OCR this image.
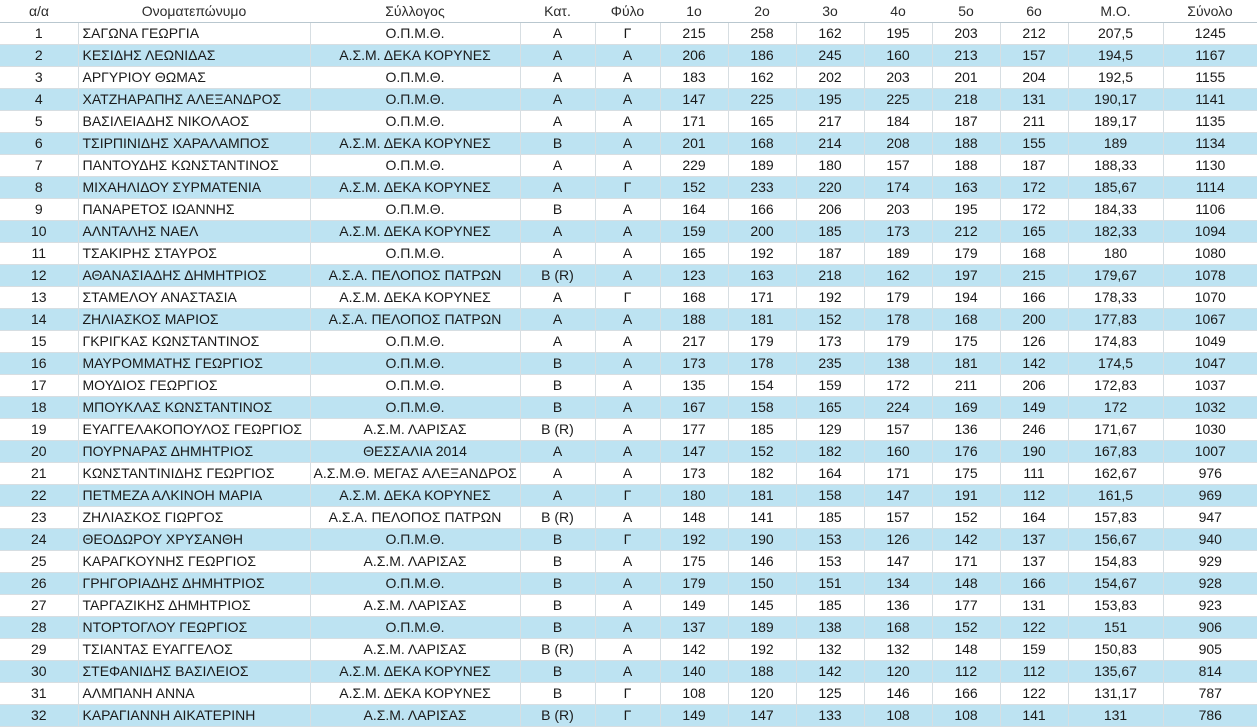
α/α	Ονοματεπώνυμο	Σύλλογος	Κατ.	Φύλο	1ο	2ο	3ο	4ο	5ο	6ο	Μ.Ο.	Σύνολο
1	ΣΑΓΩΝΑ ΓΕΩΡΓΙΑ	Ο.Π.Μ.Θ.	Α	Γ	215	258	162	195	203	212	207,5	1245
2	ΚΕΣΙΔΗΣ ΛΕΩΝΙΔΑΣ	Α.Σ.Μ. ΔΕΚΑ ΚΟΡΥΝΕΣ	Α	Α	206	186	245	160	213	157	194,5	1167
3	ΑΡΓΥΡΙΟΥ ΘΩΜΑΣ	Ο.Π.Μ.Θ.	Α	Α	183	162	202	203	201	204	192,5	1155
4	ΧΑΤΖΗΑΡΑΠΗΣ ΑΛΕΞΑΝΔΡΟΣ	Ο.Π.Μ.Θ.	Α	Α	147	225	195	225	218	131	190,17	1141
5	ΒΑΣΙΛΕΙΑΔΗΣ ΝΙΚΟΛΑΟΣ	Ο.Π.Μ.Θ.	Α	Α	171	165	217	184	187	211	189,17	1135
6	ΤΣΙΡΠΙΝΙΔΗΣ ΧΑΡΑΛΑΜΠΟΣ	Α.Σ.Μ. ΔΕΚΑ ΚΟΡΥΝΕΣ	Β	Α	201	168	214	208	188	155	189	1134
7	ΠΑΝΤΟΥΔΗΣ ΚΩΝΣΤΑΝΤΙΝΟΣ	Ο.Π.Μ.Θ.	Α	Α	229	189	180	157	188	187	188,33	1130
8	ΜΙΧΑΗΛΙΔΟΥ ΣΥΡΜΑΤΕΝΙΑ	Α.Σ.Μ. ΔΕΚΑ ΚΟΡΥΝΕΣ	Α	Γ	152	233	220	174	163	172	185,67	1114
9	ΠΑΝΑΡΕΤΟΣ ΙΩΑΝΝΗΣ	Ο.Π.Μ.Θ.	Β	Α	164	166	206	203	195	172	184,33	1106
10	ΑΛΝΤΑΛΗΣ ΝΑΕΛ	Α.Σ.Μ. ΔΕΚΑ ΚΟΡΥΝΕΣ	Α	Α	159	200	185	173	212	165	182,33	1094
11	ΤΣΑΚΙΡΗΣ ΣΤΑΥΡΟΣ	Ο.Π.Μ.Θ.	Α	Α	165	192	187	189	179	168	180	1080
12	ΑΘΑΝΑΣΙΑΔΗΣ ΔΗΜΗΤΡΙΟΣ	Α.Σ.Α. ΠΕΛΟΠΟΣ ΠΑΤΡΩΝ	Β (R)	Α	123	163	218	162	197	215	179,67	1078
13	ΣΤΑΜΕΛΟΥ ΑΝΑΣΤΑΣΙΑ	Α.Σ.Μ. ΔΕΚΑ ΚΟΡΥΝΕΣ	Α	Γ	168	171	192	179	194	166	178,33	1070
14	ΖΗΛΙΑΣΚΟΣ ΜΑΡΙΟΣ	Α.Σ.Α. ΠΕΛΟΠΟΣ ΠΑΤΡΩΝ	Α	Α	188	181	152	178	168	200	177,83	1067
15	ΓΚΡΙΓΚΑΣ ΚΩΝΣΤΑΝΤΙΝΟΣ	Ο.Π.Μ.Θ.	Α	Α	217	179	173	179	175	126	174,83	1049
16	ΜΑΥΡΟΜΜΑΤΗΣ ΓΕΩΡΓΙΟΣ	Ο.Π.Μ.Θ.	Β	Α	173	178	235	138	181	142	174,5	1047
17	ΜΟΥΔΙΟΣ ΓΕΩΡΓΙΟΣ	Ο.Π.Μ.Θ.	Β	Α	135	154	159	172	211	206	172,83	1037
18	ΜΠΟΥΚΛΑΣ ΚΩΝΣΤΑΝΤΙΝΟΣ	Ο.Π.Μ.Θ.	Β	Α	167	158	165	224	169	149	172	1032
19	ΕΥΑΓΓΕΛΑΚΟΠΟΥΛΟΣ ΓΕΩΡΓΙΟΣ	Α.Σ.Μ. ΛΑΡΙΣΑΣ	Β (R)	Α	177	185	129	157	136	246	171,67	1030
20	ΠΟΥΡΝΑΡΑΣ ΔΗΜΗΤΡΙΟΣ	ΘΕΣΣΑΛΙΑ 2014	Α	Α	147	152	182	160	176	190	167,83	1007
21	ΚΩΝΣΤΑΝΤΙΝΙΔΗΣ ΓΕΩΡΓΙΟΣ	Α.Σ.Μ.Θ. ΜΕΓΑΣ ΑΛΕΞΑΝΔΡΟΣ	Α	Α	173	182	164	171	175	111	162,67	976
22	ΠΕΤΜΕΖΑ ΑΛΚΙΝΟΗ ΜΑΡΙΑ	Α.Σ.Μ. ΔΕΚΑ ΚΟΡΥΝΕΣ	Α	Γ	180	181	158	147	191	112	161,5	969
23	ΖΗΛΙΑΣΚΟΣ ΓΙΩΡΓΟΣ	Α.Σ.Α. ΠΕΛΟΠΟΣ ΠΑΤΡΩΝ	Β (R)	Α	148	141	185	157	152	164	157,83	947
24	ΘΕΟΔΩΡΟΥ ΧΡΥΣΑΝΘΗ	Ο.Π.Μ.Θ.	Β	Γ	192	190	153	126	142	137	156,67	940
25	ΚΑΡΑΓΚΟΥΝΗΣ ΓΕΩΡΓΙΟΣ	Α.Σ.Μ. ΛΑΡΙΣΑΣ	Β	Α	175	146	153	147	171	137	154,83	929
26	ΓΡΗΓΟΡΙΑΔΗΣ ΔΗΜΗΤΡΙΟΣ	Ο.Π.Μ.Θ.	Β	Α	179	150	151	134	148	166	154,67	928
27	ΤΑΡΓΑΖΙΚΗΣ ΔΗΜΗΤΡΙΟΣ	Α.Σ.Μ. ΛΑΡΙΣΑΣ	Β	Α	149	145	185	136	177	131	153,83	923
28	ΝΤΟΡΤΟΓΛΟΥ ΓΕΩΡΓΙΟΣ	Ο.Π.Μ.Θ.	Β	Α	137	189	138	168	152	122	151	906
29	ΤΣΙΑΝΤΑΣ ΕΥΑΓΓΕΛΟΣ	Α.Σ.Μ. ΛΑΡΙΣΑΣ	Β (R)	Α	142	192	132	132	148	159	150,83	905
30	ΣΤΕΦΑΝΙΔΗΣ ΒΑΣΙΛΕΙΟΣ	Α.Σ.Μ. ΔΕΚΑ ΚΟΡΥΝΕΣ	Β	Α	140	188	142	120	112	112	135,67	814
31	ΑΛΜΠΑΝΗ ΑΝΝΑ	Α.Σ.Μ. ΔΕΚΑ ΚΟΡΥΝΕΣ	Β	Γ	108	120	125	146	166	122	131,17	787
32	ΚΑΡΑΓΙΑΝΝΗ ΑΙΚΑΤΕΡΙΝΗ	Α.Σ.Μ. ΛΑΡΙΣΑΣ	Β (R)	Γ	149	147	133	108	108	141	131	786
